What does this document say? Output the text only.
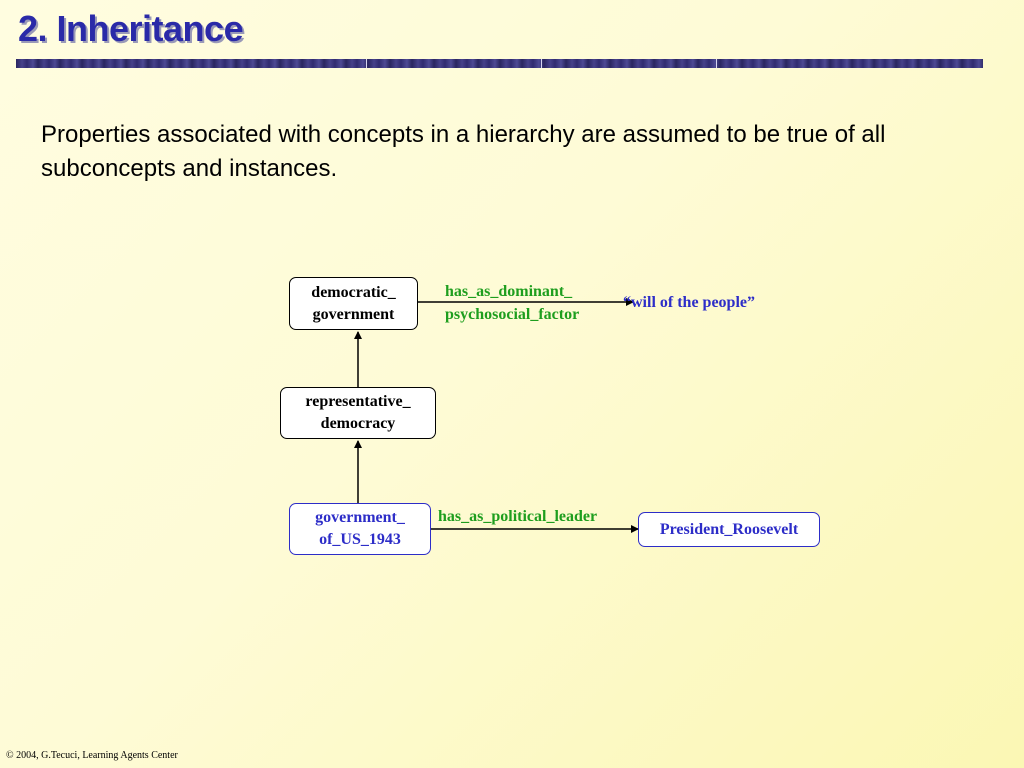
2. Inheritance

Properties associated with concepts in a hierarchy are assumed to be true of all subconcepts and instances.

democratic_
government
representative_
democracy
government_
of_US_1943
President_Roosevelt
has_as_dominant_
psychosocial_factor
“will of the people”
has_as_political_leader
© 2004, G.Tecuci, Learning Agents Center
